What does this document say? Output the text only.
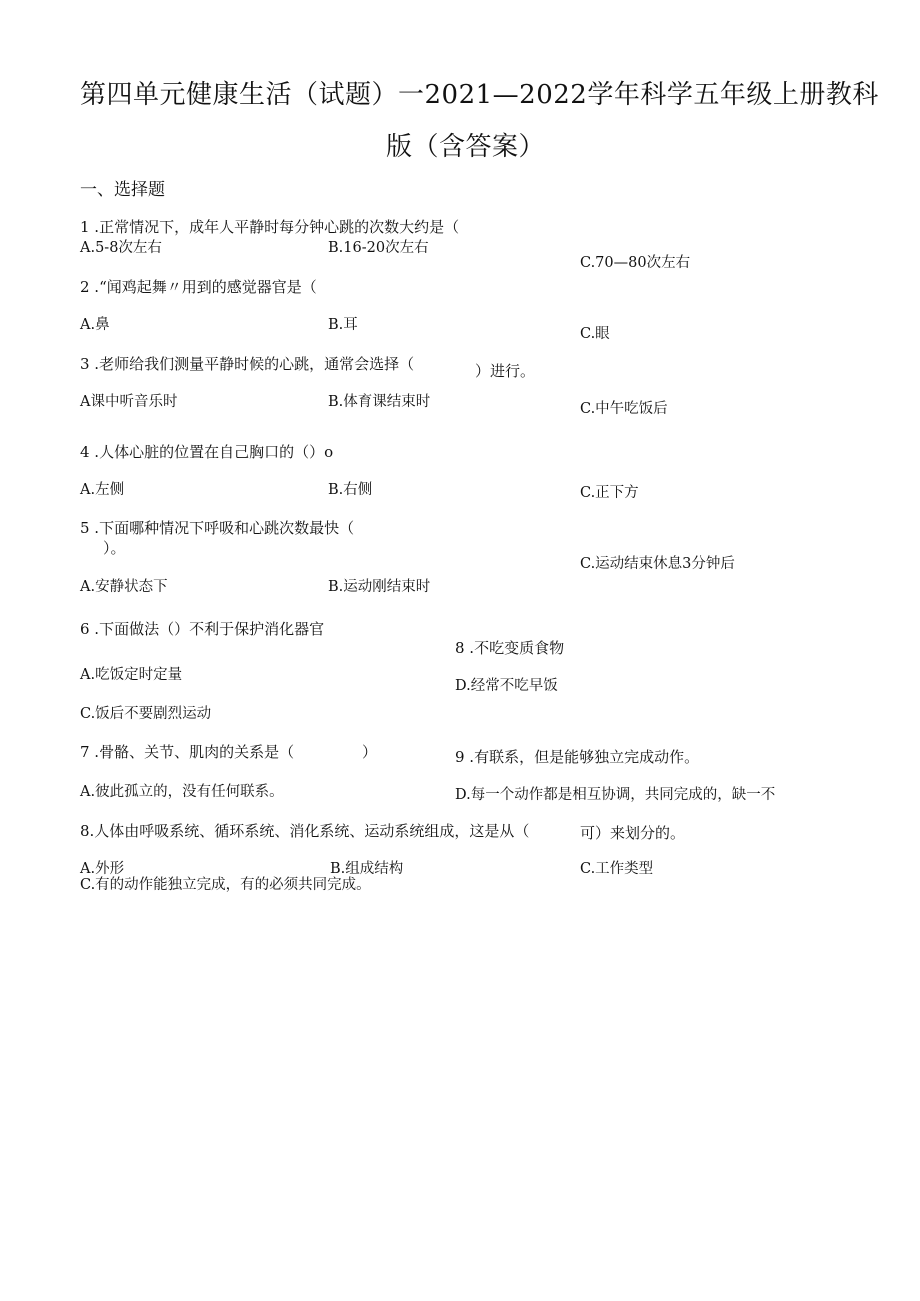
第四单元健康生活（试题）一2021—2022学年科学五年级上册教科
版（含答案）
一、选择题
1 .正常情况下，成年人平静时每分钟心跳的次数大约是（
A.5-8次左右	B.16-20次左右
C.70—80次左右
2 .“闻鸡起舞〃用到的感觉器官是（
A.鼻	B.耳
C.眼
3 .老师给我们测量平静时候的心跳，通常会选择（	）进行。
A课中听音乐时	B.体育课结束时	C.中午吃饭后
4 .人体心脏的位置在自己胸口的（）o
A.左侧	B.右侧	C.正下方
5 .下面哪种情况下呼吸和心跳次数最快（
）。
C.运动结束休息3分钟后
A.安静状态下	B.运动刚结束时
6 .下面做法（）不利于保护消化器官
8 .不吃变质食物
A.吃饭定时定量
D.经常不吃早饭
C.饭后不要剧烈运动
7 .骨骼、关节、肌肉的关系是（	）	9 .有联系，但是能够独立完成动作。
A.彼此孤立的，没有任何联系。	D.每一个动作都是相互协调，共同完成的，缺一不
8.人体由呼吸系统、循环系统、消化系统、运动系统组成，这是从（	可）来划分的。
A.外形	B.组成结构	C.工作类型
C.有的动作能独立完成，有的必须共同完成。
